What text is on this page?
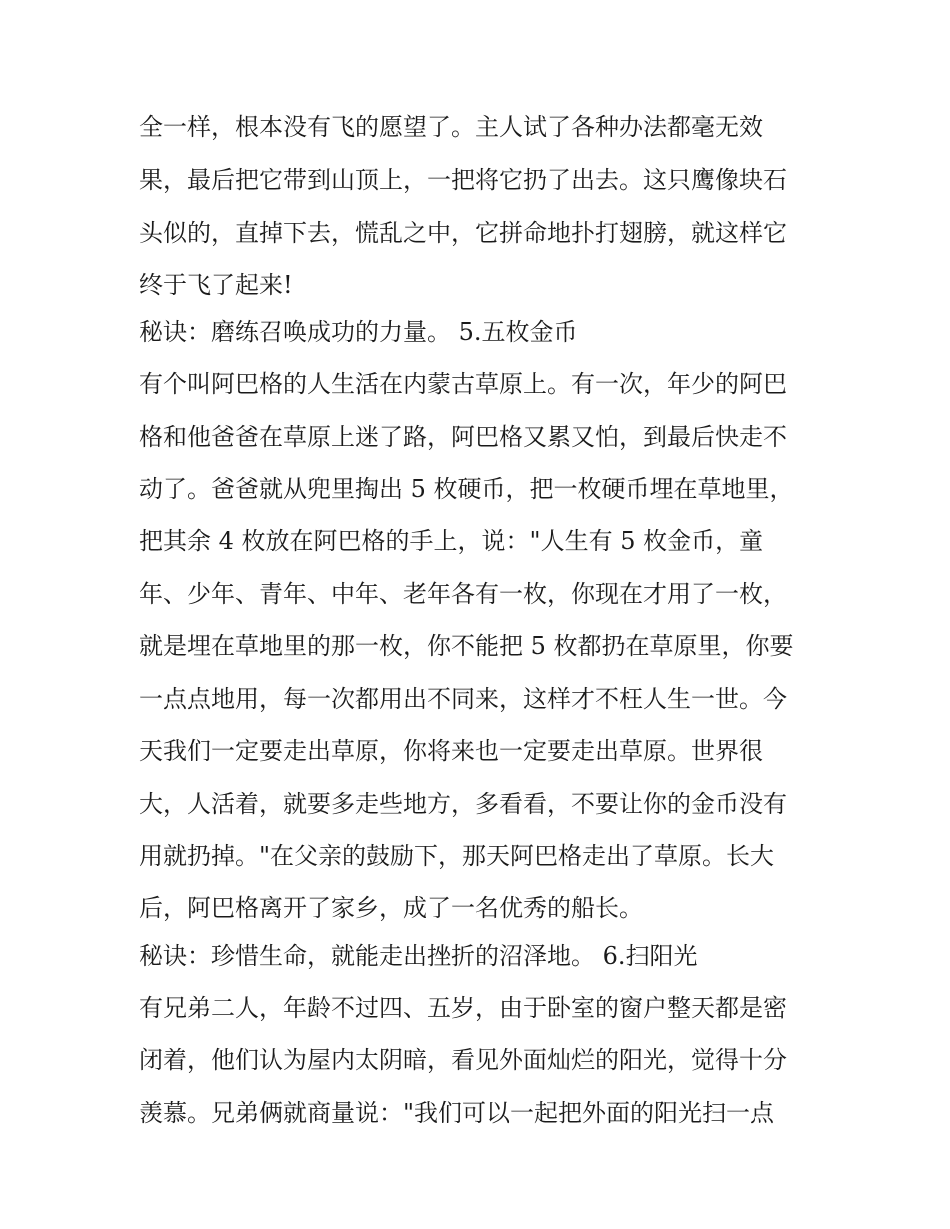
全一样，根本没有飞的愿望了。主人试了各种办法都毫无效
果，最后把它带到山顶上，一把将它扔了出去。这只鹰像块石
头似的，直掉下去，慌乱之中，它拼命地扑打翅膀，就这样它
终于飞了起来!
秘诀：磨练召唤成功的力量。 5.五枚金币
有个叫阿巴格的人生活在内蒙古草原上。有一次，年少的阿巴
格和他爸爸在草原上迷了路，阿巴格又累又怕，到最后快走不
动了。爸爸就从兜里掏出 5 枚硬币，把一枚硬币埋在草地里，
把其余 4 枚放在阿巴格的手上，说："人生有 5 枚金币，童
年、少年、青年、中年、老年各有一枚，你现在才用了一枚，
就是埋在草地里的那一枚，你不能把 5 枚都扔在草原里，你要
一点点地用，每一次都用出不同来，这样才不枉人生一世。今
天我们一定要走出草原，你将来也一定要走出草原。世界很
大，人活着，就要多走些地方，多看看，不要让你的金币没有
用就扔掉。"在父亲的鼓励下，那天阿巴格走出了草原。长大
后，阿巴格离开了家乡，成了一名优秀的船长。
秘诀：珍惜生命，就能走出挫折的沼泽地。 6.扫阳光
有兄弟二人，年龄不过四、五岁，由于卧室的窗户整天都是密
闭着，他们认为屋内太阴暗，看见外面灿烂的阳光，觉得十分
羡慕。兄弟俩就商量说："我们可以一起把外面的阳光扫一点
